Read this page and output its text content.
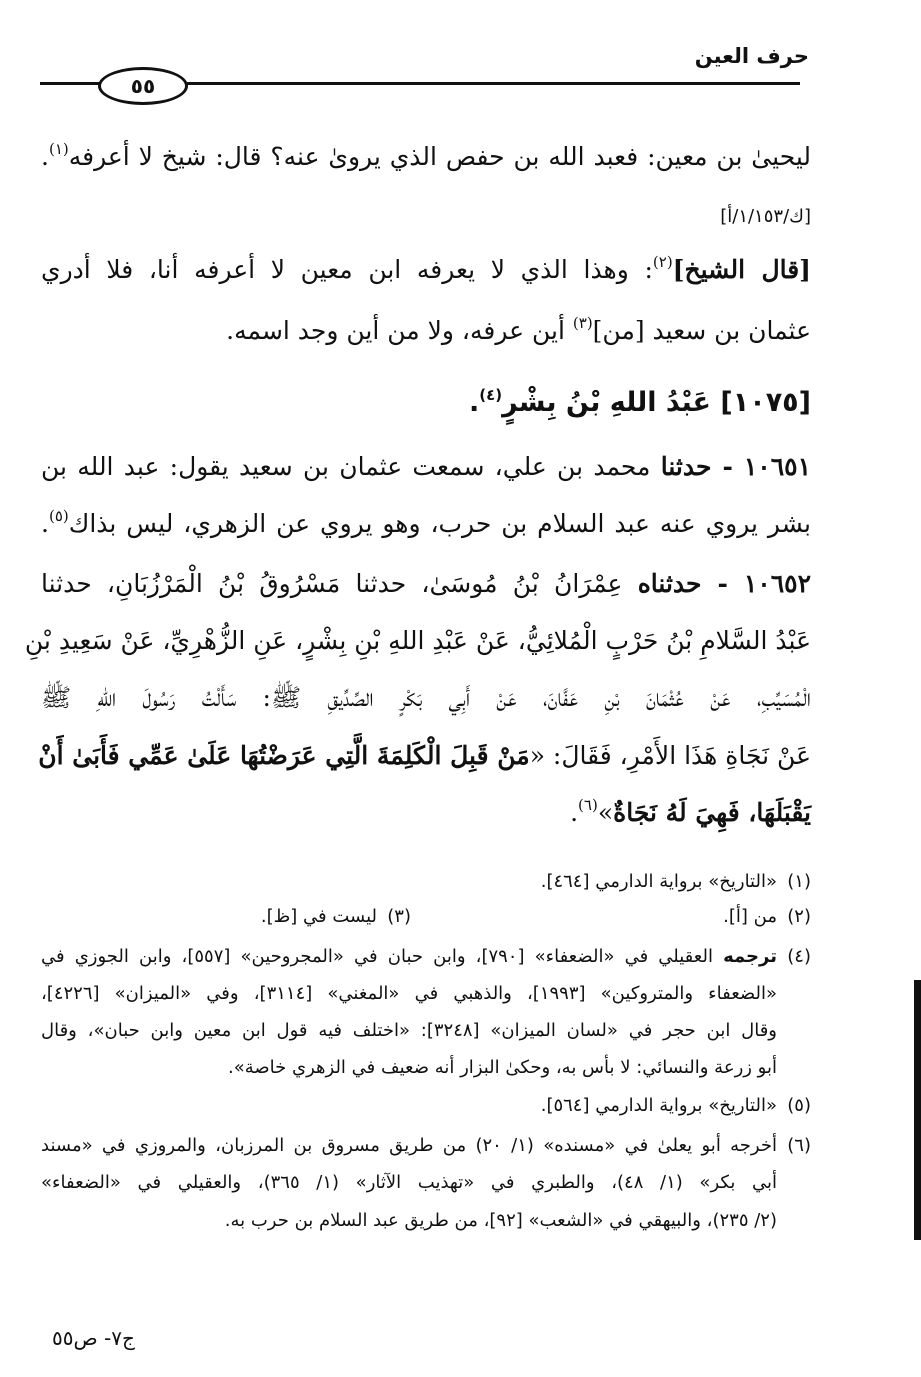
حرف العين
٥٥
ليحيىٰ بن معين: فعبد الله بن حفص الذي يرو‌ىٰ عنه؟ قال: شيخ لا أعرفه$^{(١)}$.
[ك/١/١٥٣/أ]
[قال الشيخ]$^{(٢)}$: وهذا الذي لا يعرفه ابن معين لا أعرفه أنا، فلا أدري
عثمان بن سعيد [من]$^{(٣)}$ أين عرفه، ولا من أين وجد اسمه.
[١٠٧٥] عَبْدُ اللهِ بْنُ بِشْرٍ$^{(٤)}$.
١٠٦٥١ - حدثنا محمد بن علي، سمعت عثمان بن سعيد يقول: عبد الله بن
بشر يروي عنه عبد السلام بن حرب، وهو يروي عن الزهري، ليس بذاك$^{(٥)}$.
١٠٦٥٢ - حدثناه عِمْرَانُ بْنُ مُوسَىٰ، حدثنا مَسْرُوقُ بْنُ الْمَرْزُبَانِ، حدثنا
عَبْدُ السَّلامِ بْنُ حَرْبٍ الْمُلائِيُّ، عَنْ عَبْدِ اللهِ بْنِ بِشْرٍ، عَنِ الزُّهْرِيِّ، عَنْ سَعِيدِ بْنِ
الْمُسَيِّبِ، عَنْ عُثْمَانَ بْنِ عَفَّانَ، عَنْ أَبِي بَكْرٍ الصِّدِّيقِ ﷺ: سَأَلْتُ رَسُولَ اللهِ ﷺ
عَنْ نَجَاةِ هَذَا الأَمْرِ، فَقَالَ: «مَنْ قَبِلَ الْكَلِمَةَ الَّتِي عَرَضْتُهَا عَلَىٰ عَمِّي فَأَبَىٰ أَنْ
يَقْبَلَهَا، فَهِيَ لَهُ نَجَاةٌ»$^{(٦)}$.
(١)«التاريخ» برواية الدارمي [٤٦٤].
(٢)من [أ].
(٣)ليست في [ظ].
(٤)ترجمه العقيلي في «الضعفاء» [٧٩٠]، وابن حبان في «المجروحين» [٥٥٧]، وابن الجوزي في
«الضعفاء والمتروكين» [١٩٩٣]، والذهبي في «المغني» [٣١١٤]، وفي «الميزان» [٤٢٢٦]،
وقال ابن حجر في «لسان الميزان» [٣٢٤٨]: «اختلف فيه قول ابن معين وابن حبان»، وقال
أبو زرعة والنسائي: لا بأس به، وحكىٰ البزار أنه ضعيف في الزهري خاصة».
(٥)«التاريخ» برواية الدارمي [٥٦٤].
(٦)أخرجه أبو يعلىٰ في «مسنده» (١/ ٢٠) من طريق مسروق بن المرزبان، والمروزي في «مسند
أبي بكر» (١/ ٤٨)، والطبري في «تهذيب الآثار» (١/ ٣٦٥)، والعقيلي في «الضعفاء»
(٢/ ٢٣٥)، والبيهقي في «الشعب» [٩٢]، من طريق عبد السلام بن حرب به.
ج٧- ص٥٥
